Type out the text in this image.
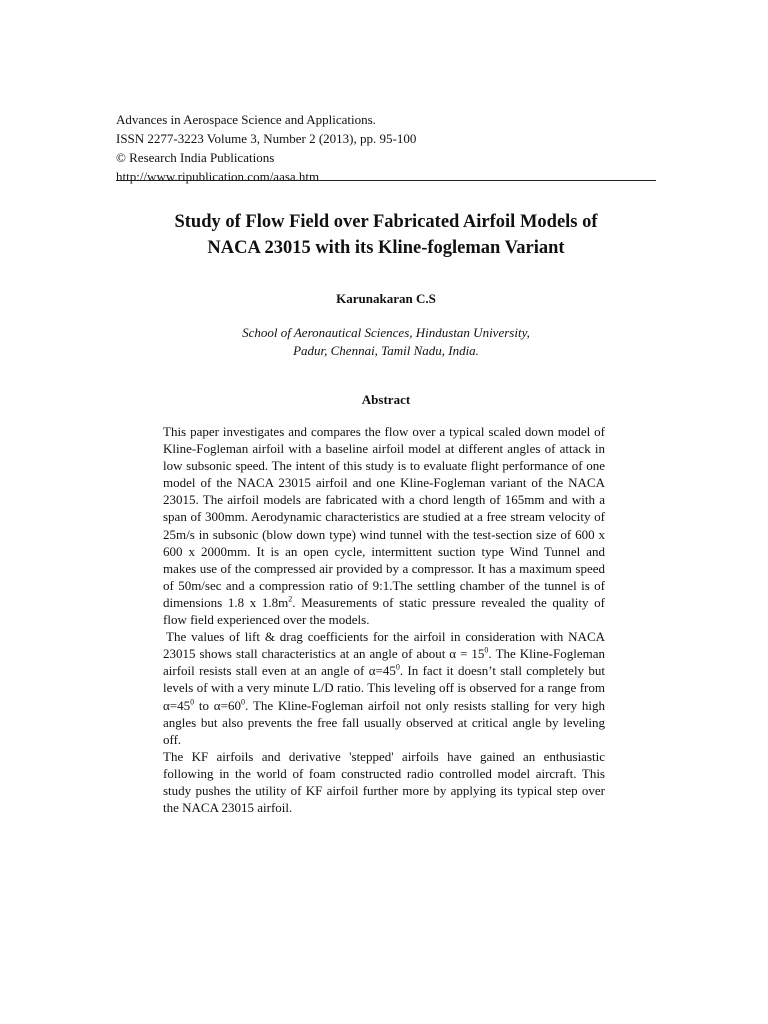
Advances in Aerospace Science and Applications.
ISSN 2277-3223 Volume 3, Number 2 (2013), pp. 95-100
© Research India Publications
http://www.ripublication.com/aasa.htm
Study of Flow Field over Fabricated Airfoil Models of
NACA 23015 with its Kline-fogleman Variant
Karunakaran C.S
School of Aeronautical Sciences, Hindustan University,
Padur, Chennai, Tamil Nadu, India.
Abstract

This paper investigates and compares the flow over a typical scaled down model of Kline-Fogleman airfoil with a baseline airfoil model at different angles of attack in low subsonic speed. The intent of this study is to evaluate flight performance of one model of the NACA 23015 airfoil and one Kline-Fogleman variant of the NACA 23015. The airfoil models are fabricated with a chord length of 165mm and with a span of 300mm. Aerodynamic characteristics are studied at a free stream velocity of 25m/s in subsonic (blow down type) wind tunnel with the test-section size of 600 x 600 x 2000mm. It is an open cycle, intermittent suction type Wind Tunnel and makes use of the compressed air provided by a compressor. It has a maximum speed of 50m/sec and a compression ratio of 9:1.The settling chamber of the tunnel is of dimensions 1.8 x $1.8m^2$. Measurements of static pressure revealed the quality of flow field experienced over the models.

The values of lift & drag coefficients for the airfoil in consideration with NACA 23015 shows stall characteristics at an angle of about $\alpha = 15^0$. The Kline-Fogleman airfoil resists stall even at an angle of $\alpha=45^0$. In fact it doesn’t stall completely but levels of with a very minute L/D ratio. This leveling off is observed for a range from $\alpha=45^0$ to $\alpha=60^0$. The Kline-Fogleman airfoil not only resists stalling for very high angles but also prevents the free fall usually observed at critical angle by leveling off.

The KF airfoils and derivative 'stepped' airfoils have gained an enthusiastic following in the world of foam constructed radio controlled model aircraft. This study pushes the utility of KF airfoil further more by applying its typical step over the NACA 23015 airfoil.
